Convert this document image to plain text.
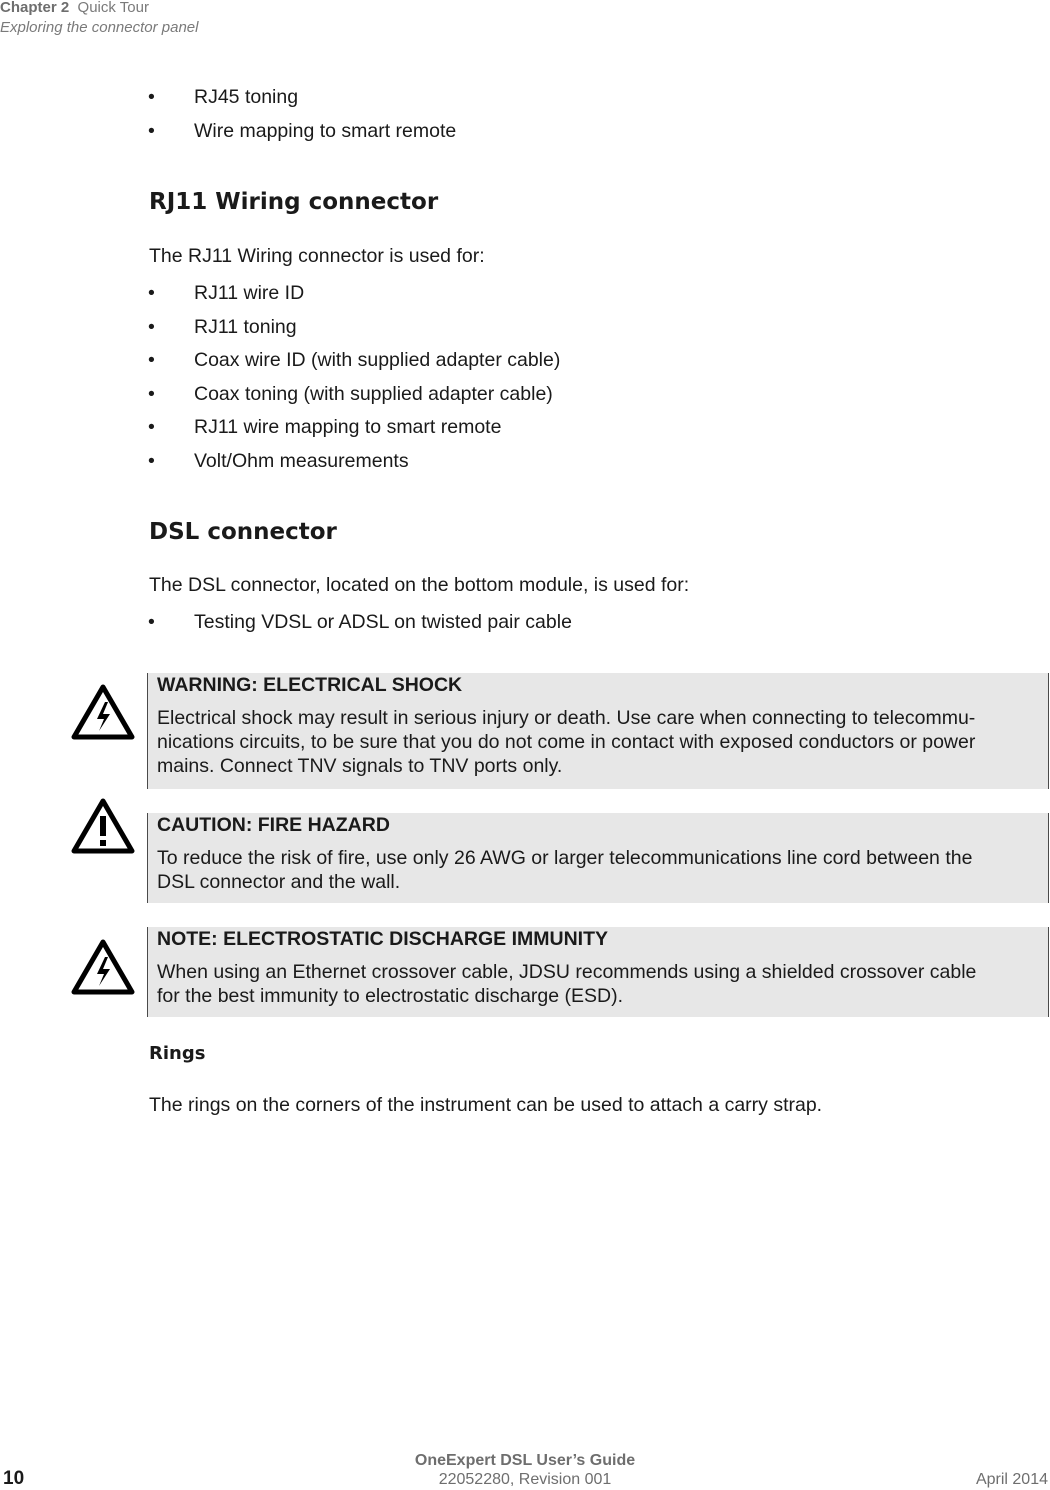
Chapter 2 Quick Tour
Exploring the connector panel
• RJ45 toning
• Wire mapping to smart remote
RJ11 Wiring connector

The RJ11 Wiring connector is used for:

• RJ11 wire ID
• RJ11 toning
• Coax wire ID (with supplied adapter cable)
• Coax toning (with supplied adapter cable)
• RJ11 wire mapping to smart remote
• Volt/Ohm measurements
DSL connector

The DSL connector, located on the bottom module, is used for:

• Testing VDSL or ADSL on twisted pair cable
WARNING: ELECTRICAL SHOCK
Electrical shock may result in serious injury or death. Use care when connecting to telecommu-
nications circuits, to be sure that you do not come in contact with exposed conductors or power
mains. Connect TNV signals to TNV ports only.
CAUTION: FIRE HAZARD
To reduce the risk of fire, use only 26 AWG or larger telecommunications line cord between the
DSL connector and the wall.
NOTE: ELECTROSTATIC DISCHARGE IMMUNITY
When using an Ethernet crossover cable, JDSU recommends using a shielded crossover cable
for the best immunity to electrostatic discharge (ESD).
Rings

The rings on the corners of the instrument can be used to attach a carry strap.

OneExpert DSL User’s Guide
10	22052280, Revision 001	April 2014
